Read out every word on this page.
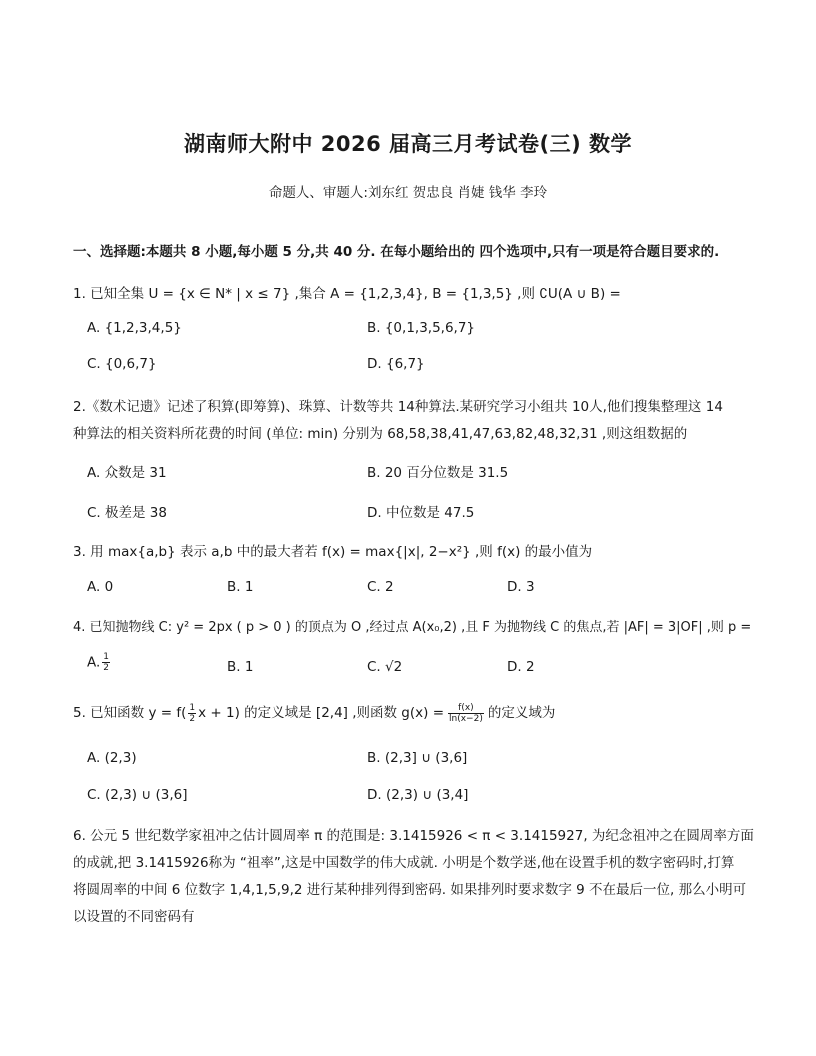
湖南师大附中 2026 届高三月考试卷(三) 数学
命题人、审题人:刘东红 贺忠良 肖婕 钱华 李玲
一、选择题:本题共 8 小题,每小题 5 分,共 40 分. 在每小题给出的 四个选项中,只有一项是符合题目要求的.
1. 已知全集 U = {x ∈ N* | x ≤ 7} ,集合 A = {1,2,3,4}, B = {1,3,5} ,则 ∁U(A ∪ B) =
A. {1,2,3,4,5}	B. {0,1,3,5,6,7}
C. {0,6,7}	D. {6,7}
2.《数术记遗》记述了积算(即筹算)、珠算、计数等共 14种算法.某研究学习小组共 10人,他们搜集整理这 14
种算法的相关资料所花费的时间 (单位: min) 分别为 68,58,38,41,47,63,82,48,32,31 ,则这组数据的
A. 众数是 31	B. 20 百分位数是 31.5
C. 极差是 38	D. 中位数是 47.5
3. 用 max{a,b} 表示 a,b 中的最大者若 f(x) = max{|x|, 2−x²} ,则 f(x) 的最小值为
A. 0	B. 1	C. 2	D. 3
4. 已知抛物线 C: y² = 2px ( p > 0 ) 的顶点为 O ,经过点 A(x₀,2) ,且 F 为抛物线 C 的焦点,若 |AF| = 3|OF| ,则 p =
A. $\frac{1}{2}$	B. 1	C. √2	D. 2
5. 已知函数 $y = f( \frac{1}{2}$ x + 1) 的定义域是 [2,4] ,则函数 $g(x) = \frac{f(x)}{\ln(x-2)}$ 的定义域为
A. (2,3)	B. (2,3] ∪ (3,6]
C. (2,3) ∪ (3,6]	D. (2,3) ∪ (3,4]
6. 公元 5 世纪数学家祖冲之估计圆周率 π 的范围是: 3.1415926 < π < 3.1415927, 为纪念祖冲之在圆周率方面
的成就,把 3.1415926称为 “祖率”,这是中国数学的伟大成就. 小明是个数学迷,他在设置手机的数字密码时,打算
将圆周率的中间 6 位数字 1,4,1,5,9,2 进行某种排列得到密码. 如果排列时要求数字 9 不在最后一位, 那么小明可
以设置的不同密码有
